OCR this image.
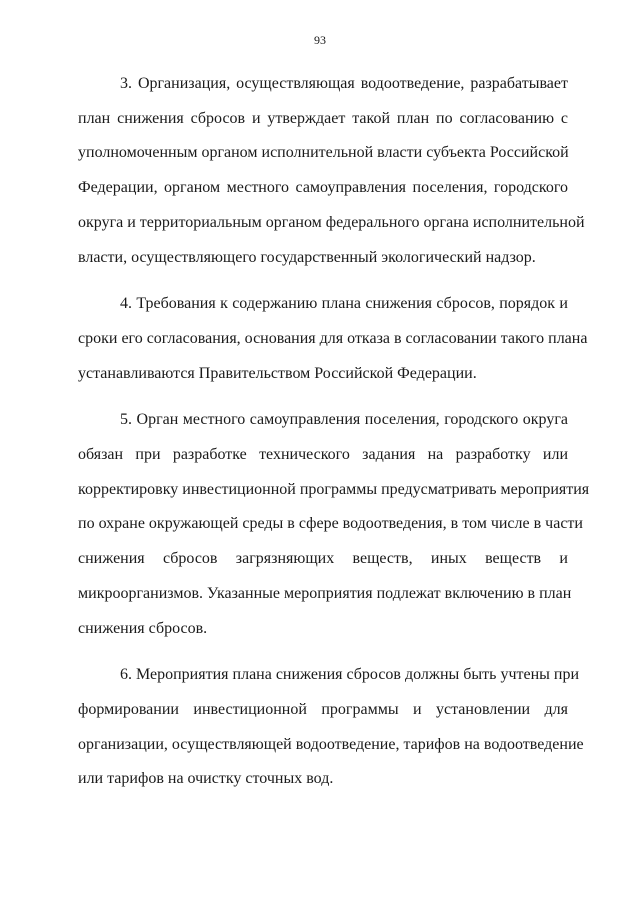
93

3. Организация, осуществляющая водоотведение, разрабатывает
план снижения сбросов и утверждает такой план по согласованию с
уполномоченным органом исполнительной власти субъекта Российской
Федерации, органом местного самоуправления поселения, городского
округа и территориальным органом федерального органа исполнительной
власти, осуществляющего государственный экологический надзор.

4. Требования к содержанию плана снижения сбросов, порядок и
сроки его согласования, основания для отказа в согласовании такого плана
устанавливаются Правительством Российской Федерации.

5. Орган местного самоуправления поселения, городского округа
обязан при разработке технического задания на разработку или
корректировку инвестиционной программы предусматривать мероприятия
по охране окружающей среды в сфере водоотведения, в том числе в части
снижения сбросов загрязняющих веществ, иных веществ и
микроорганизмов. Указанные мероприятия подлежат включению в план
снижения сбросов.

6. Мероприятия плана снижения сбросов должны быть учтены при
формировании инвестиционной программы и установлении для
организации, осуществляющей водоотведение, тарифов на водоотведение
или тарифов на очистку сточных вод.
